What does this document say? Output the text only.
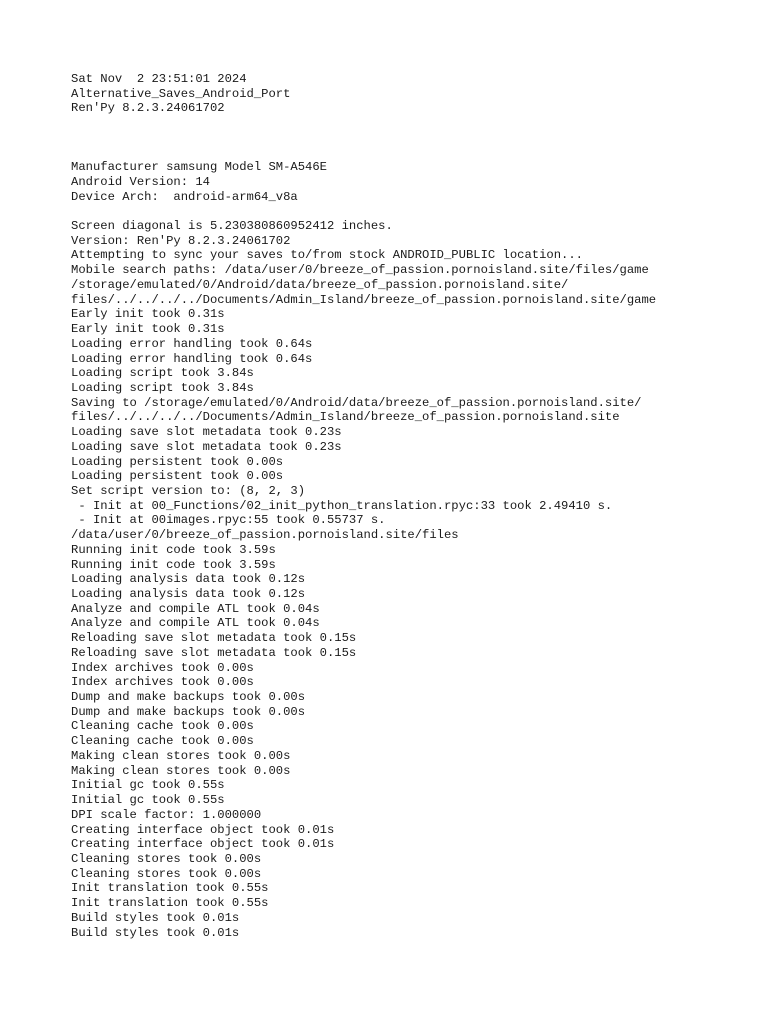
Sat Nov  2 23:51:01 2024
Alternative_Saves_Android_Port
Ren'Py 8.2.3.24061702
Manufacturer samsung Model SM-A546E
Android Version: 14
Device Arch:  android-arm64_v8a
Screen diagonal is 5.230380860952412 inches.
Version: Ren'Py 8.2.3.24061702
Attempting to sync your saves to/from stock ANDROID_PUBLIC location...
Mobile search paths: /data/user/0/breeze_of_passion.pornoisland.site/files/game
/storage/emulated/0/Android/data/breeze_of_passion.pornoisland.site/
files/../../../../Documents/Admin_Island/breeze_of_passion.pornoisland.site/game
Early init took 0.31s
Early init took 0.31s
Loading error handling took 0.64s
Loading error handling took 0.64s
Loading script took 3.84s
Loading script took 3.84s
Saving to /storage/emulated/0/Android/data/breeze_of_passion.pornoisland.site/
files/../../../../Documents/Admin_Island/breeze_of_passion.pornoisland.site
Loading save slot metadata took 0.23s
Loading save slot metadata took 0.23s
Loading persistent took 0.00s
Loading persistent took 0.00s
Set script version to: (8, 2, 3)
- Init at 00_Functions/02_init_python_translation.rpyc:33 took 2.49410 s.
- Init at 00images.rpyc:55 took 0.55737 s.
/data/user/0/breeze_of_passion.pornoisland.site/files
Running init code took 3.59s
Running init code took 3.59s
Loading analysis data took 0.12s
Loading analysis data took 0.12s
Analyze and compile ATL took 0.04s
Analyze and compile ATL took 0.04s
Reloading save slot metadata took 0.15s
Reloading save slot metadata took 0.15s
Index archives took 0.00s
Index archives took 0.00s
Dump and make backups took 0.00s
Dump and make backups took 0.00s
Cleaning cache took 0.00s
Cleaning cache took 0.00s
Making clean stores took 0.00s
Making clean stores took 0.00s
Initial gc took 0.55s
Initial gc took 0.55s
DPI scale factor: 1.000000
Creating interface object took 0.01s
Creating interface object took 0.01s
Cleaning stores took 0.00s
Cleaning stores took 0.00s
Init translation took 0.55s
Init translation took 0.55s
Build styles took 0.01s
Build styles took 0.01s
